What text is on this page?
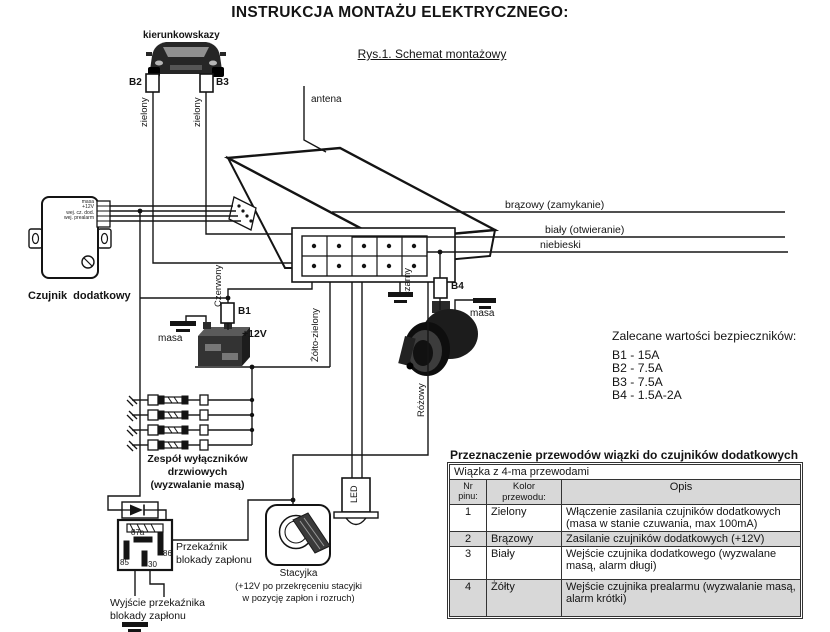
INSTRUKCJA MONTAŻU ELEKTRYCZNEGO:
Rys.1. Schemat montażowy
kierunkowskazy
antena
B2	B3
B1
B4
zielony	zielony
Czerwony
Żółto-zielony
Różowy
czarny
LED
brązowy (zamykanie)
biały (otwieranie)
niebieski
masa
masa
+12V
Czujnik dodatkowy
masa
+12V
wej. cz. dod.
wej. prealarm
Zespół wyłączników
drzwiowych
(wyzwalanie masą)
Przekaźnik
blokady zapłonu
87a
85 30
86
Wyjście przekaźnika
blokady zapłonu
Stacyjka
(+12V po przekręceniu stacyjki
w pozycję zapłon i rozruch)
Zalecane wartości bezpieczników:
B1 - 15A
B2 - 7.5A
B3 - 7.5A
B4 - 1.5A-2A
Przeznaczenie przewodów wiązki do czujników dodatkowych
Wiązka z 4-ma przewodami		
Nr pinu:	Kolor przewodu:	Opis
1	Zielony	Włączenie zasilania czujników dodatkowych (masa w stanie czuwania, max 100mA)
2	Brązowy	Zasilanie czujników dodatkowych (+12V)
3	Biały	Wejście czujnika dodatkowego (wyzwalane masą, alarm długi)
4	Żółty	Wejście czujnika prealarmu (wyzwalanie masą, alarm krótki)
